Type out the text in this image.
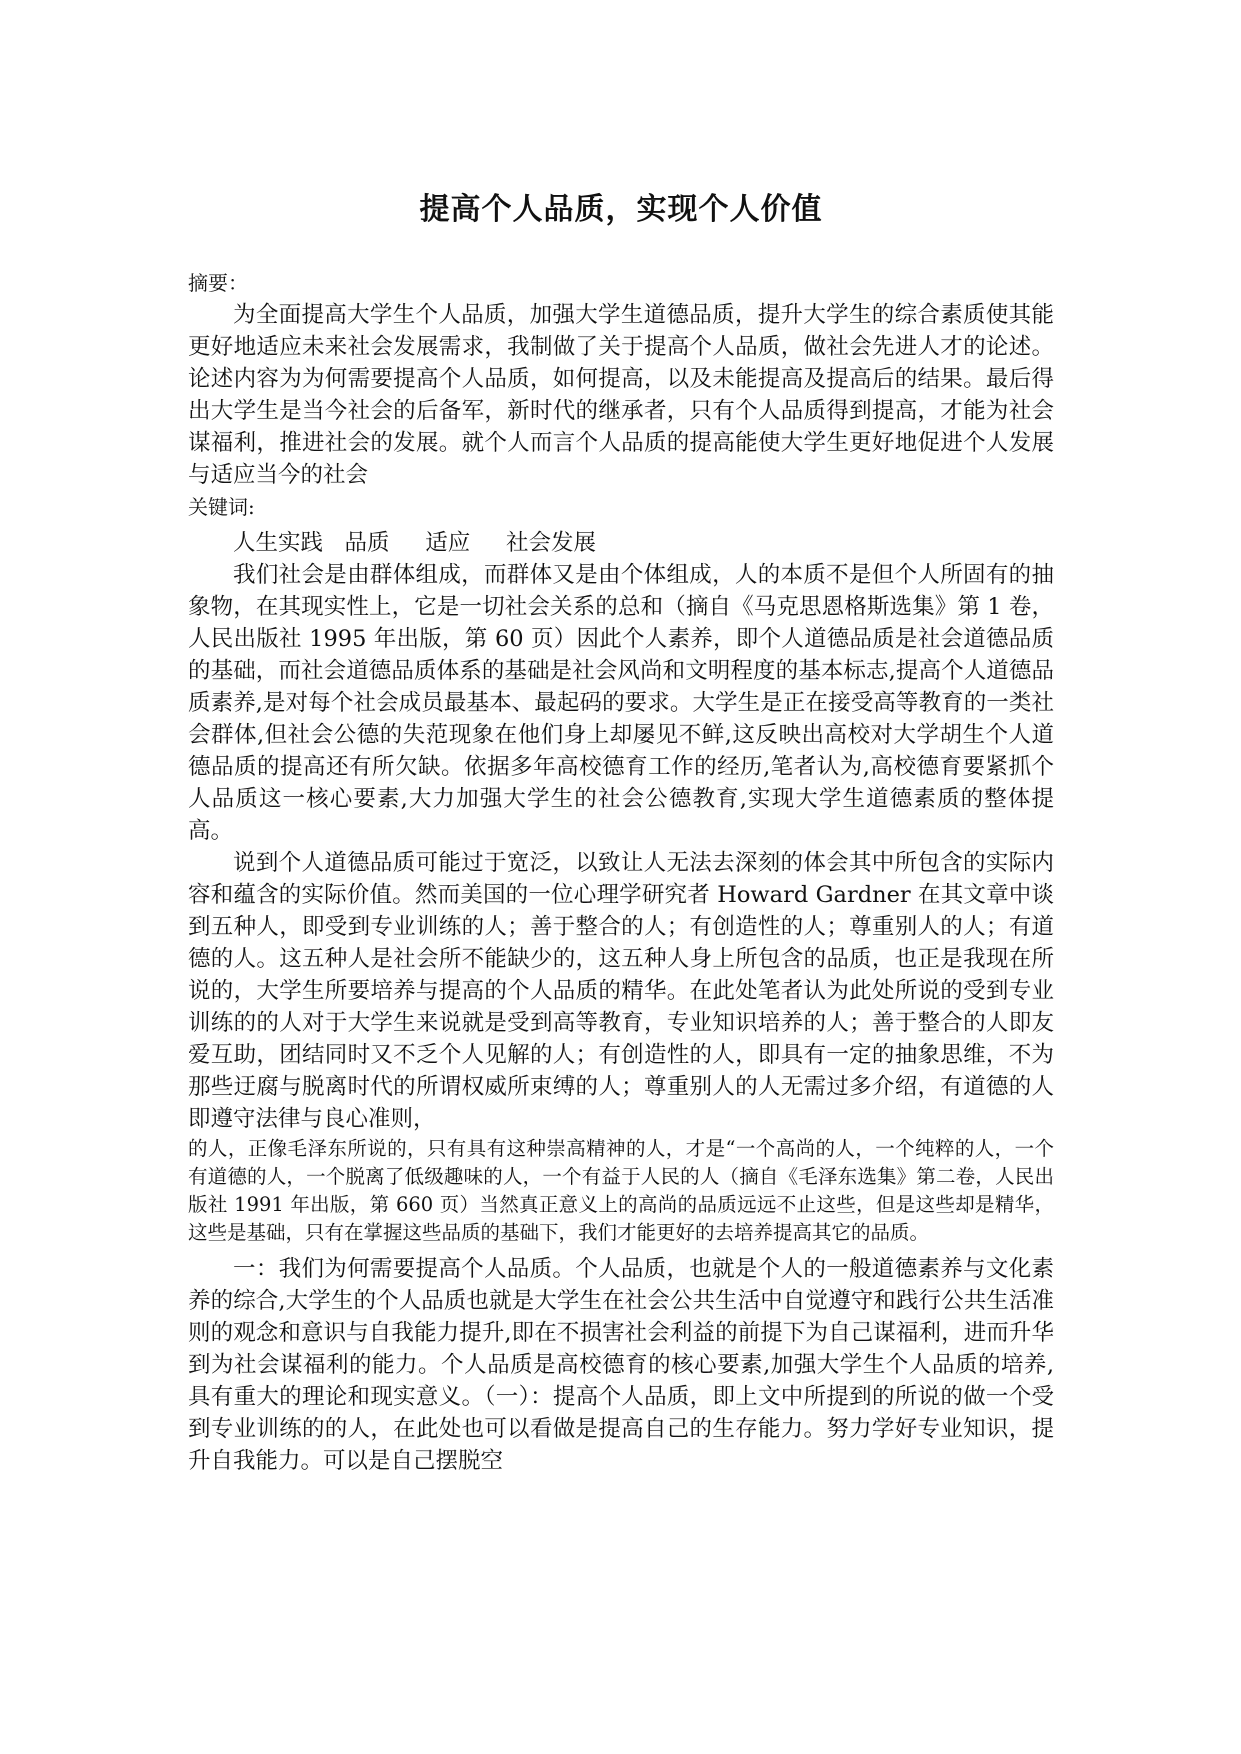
提高个人品质，实现个人价值

摘要：

为全面提高大学生个人品质，加强大学生道德品质，提升大学生的综合素质使其能更好地适应未来社会发展需求，我制做了关于提高个人品质，做社会先进人才的论述。论述内容为为何需要提高个人品质，如何提高，以及未能提高及提高后的结果。最后得出大学生是当今社会的后备军，新时代的继承者，只有个人品质得到提高，才能为社会谋福利，推进社会的发展。就个人而言个人品质的提高能使大学生更好地促进个人发展与适应当今的社会

关键词:

人生实践   品质     适应     社会发展

我们社会是由群体组成，而群体又是由个体组成，人的本质不是但个人所固有的抽象物，在其现实性上，它是一切社会关系的总和（摘自《马克思恩格斯选集》第 1 卷，人民出版社 1995 年出版，第 60 页）因此个人素养，即个人道德品质是社会道德品质的基础，而社会道德品质体系的基础是社会风尚和文明程度的基本标志,提高个人道德品质素养,是对每个社会成员最基本、最起码的要求。大学生是正在接受高等教育的一类社会群体,但社会公德的失范现象在他们身上却屡见不鲜,这反映出高校对大学胡生个人道德品质的提高还有所欠缺。依据多年高校德育工作的经历,笔者认为,高校德育要紧抓个人品质这一核心要素,大力加强大学生的社会公德教育,实现大学生道德素质的整体提高。

说到个人道德品质可能过于宽泛，以致让人无法去深刻的体会其中所包含的实际内容和蕴含的实际价值。然而美国的一位心理学研究者 Howard Gardner 在其文章中谈到五种人，即受到专业训练的人；善于整合的人；有创造性的人；尊重别人的人；有道德的人。这五种人是社会所不能缺少的，这五种人身上所包含的品质，也正是我现在所说的，大学生所要培养与提高的个人品质的精华。在此处笔者认为此处所说的受到专业训练的的人对于大学生来说就是受到高等教育，专业知识培养的人；善于整合的人即友爱互助，团结同时又不乏个人见解的人；有创造性的人，即具有一定的抽象思维，不为那些迂腐与脱离时代的所谓权威所束缚的人；尊重别人的人无需过多介绍，有道德的人即遵守法律与良心准则，

的人，正像毛泽东所说的，只有具有这种崇高精神的人，才是“一个高尚的人，一个纯粹的人，一个有道德的人，一个脱离了低级趣味的人，一个有益于人民的人（摘自《毛泽东选集》第二卷，人民出版社 1991 年出版，第 660 页）当然真正意义上的高尚的品质远远不止这些，但是这些却是精华，这些是基础，只有在掌握这些品质的基础下，我们才能更好的去培养提高其它的品质。

一：我们为何需要提高个人品质。个人品质，也就是个人的一般道德素养与文化素养的综合,大学生的个人品质也就是大学生在社会公共生活中自觉遵守和践行公共生活准则的观念和意识与自我能力提升,即在不损害社会利益的前提下为自己谋福利，进而升华到为社会谋福利的能力。个人品质是高校德育的核心要素,加强大学生个人品质的培养,具有重大的理论和现实意义。（一）：提高个人品质，即上文中所提到的所说的做一个受到专业训练的的人，在此处也可以看做是提高自己的生存能力。努力学好专业知识，提升自我能力。可以是自己摆脱空
